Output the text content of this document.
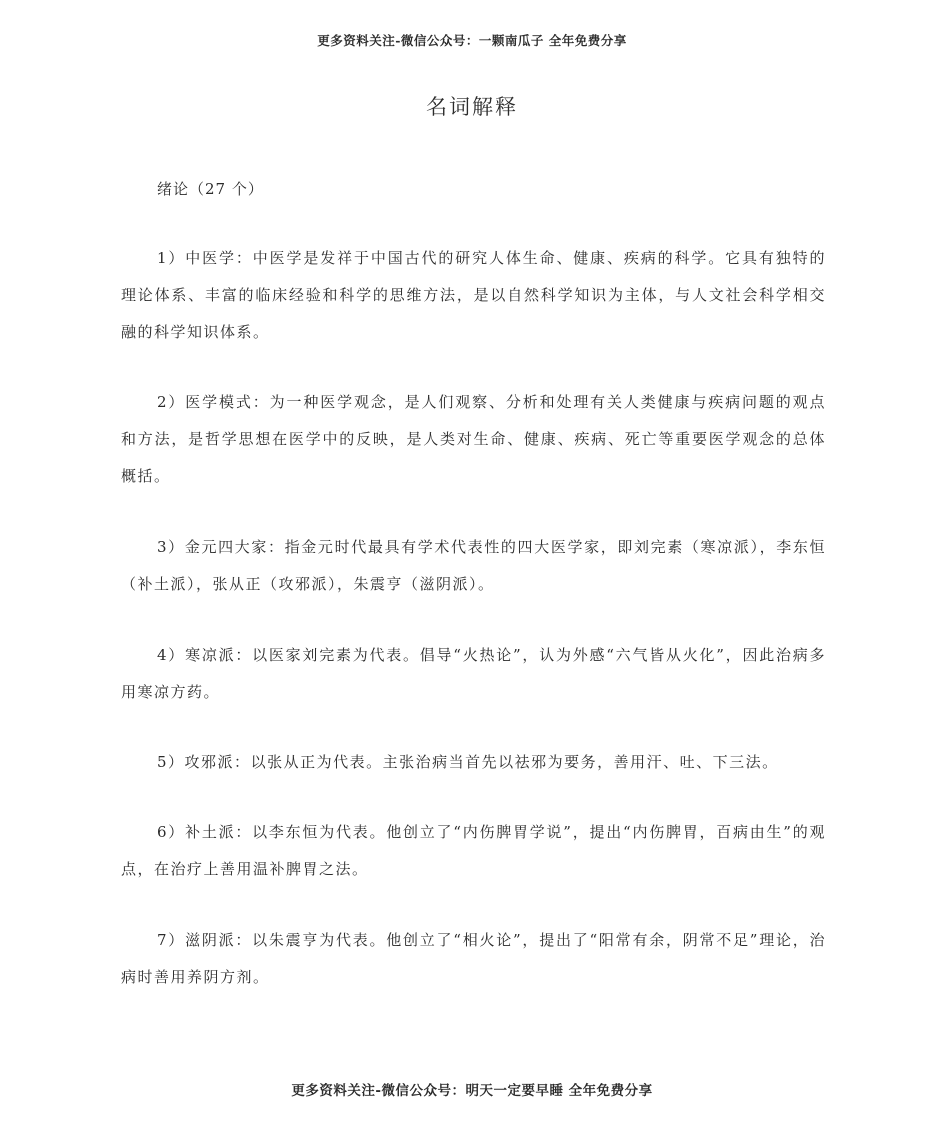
更多资料关注-微信公众号：一颗南瓜子 全年免费分享
名词解释
绪论（27 个）

1）中医学：中医学是发祥于中国古代的研究人体生命、健康、疾病的科学。它具有独特的理论体系、丰富的临床经验和科学的思维方法，是以自然科学知识为主体，与人文社会科学相交融的科学知识体系。

2）医学模式：为一种医学观念，是人们观察、分析和处理有关人类健康与疾病问题的观点和方法，是哲学思想在医学中的反映，是人类对生命、健康、疾病、死亡等重要医学观念的总体概括。

3）金元四大家：指金元时代最具有学术代表性的四大医学家，即刘完素（寒凉派），李东恒（补土派），张从正（攻邪派），朱震亨（滋阴派）。

4）寒凉派：以医家刘完素为代表。倡导“火热论”，认为外感“六气皆从火化”，因此治病多用寒凉方药。

5）攻邪派：以张从正为代表。主张治病当首先以祛邪为要务，善用汗、吐、下三法。

6）补土派：以李东恒为代表。他创立了“内伤脾胃学说”，提出“内伤脾胃，百病由生”的观点，在治疗上善用温补脾胃之法。

7）滋阴派：以朱震亨为代表。他创立了“相火论”，提出了“阳常有余，阴常不足”理论，治病时善用养阴方剂。

更多资料关注-微信公众号：明天一定要早睡 全年免费分享
